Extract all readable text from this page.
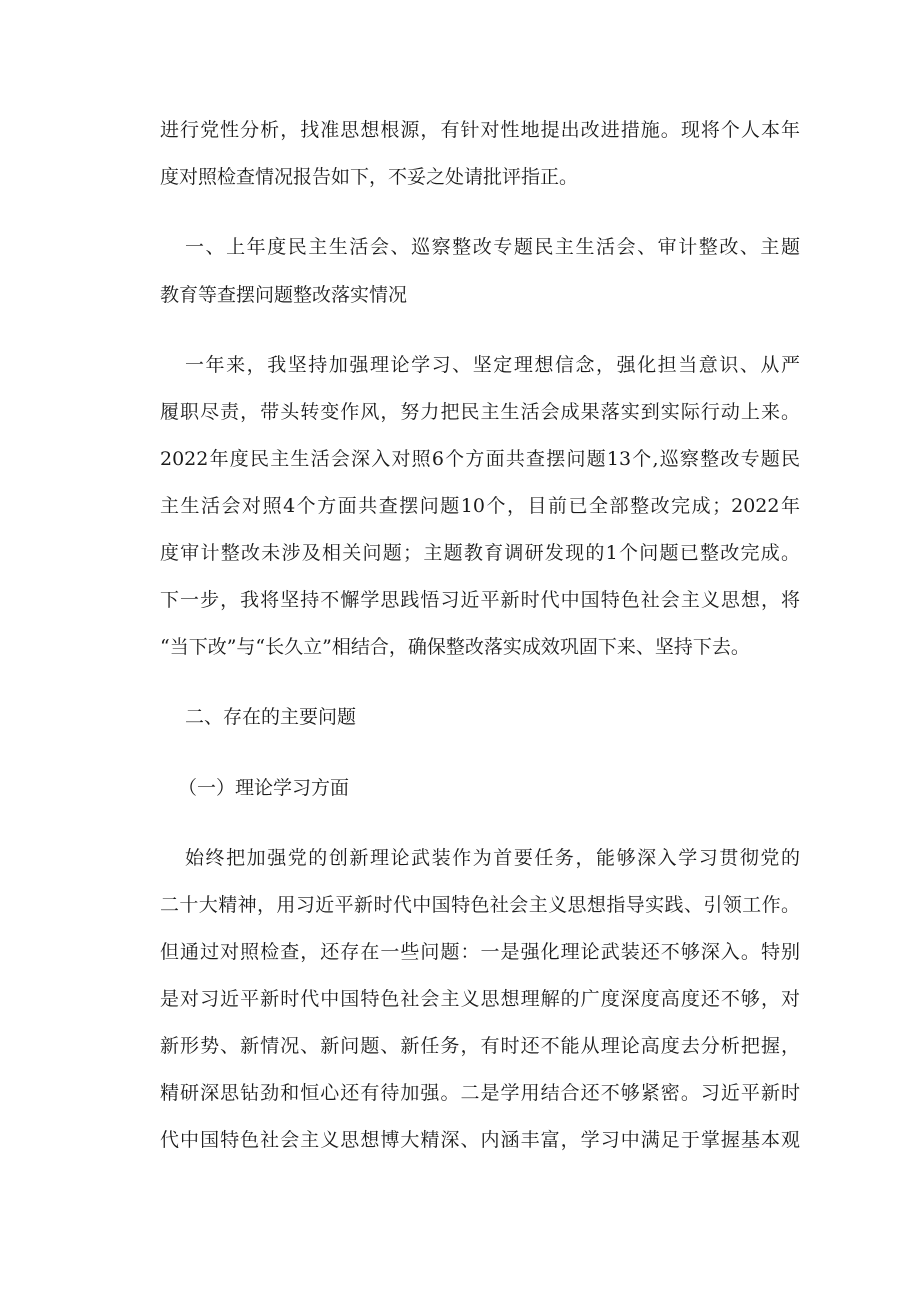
进行党性分析，找准思想根源，有针对性地提出改进措施。现将个人本年
度对照检查情况报告如下，不妥之处请批评指正。
一、上年度民主生活会、巡察整改专题民主生活会、审计整改、主题
教育等查摆问题整改落实情况
一年来，我坚持加强理论学习、坚定理想信念，强化担当意识、从严
履职尽责，带头转变作风，努力把民主生活会成果落实到实际行动上来。
2022年度民主生活会深入对照6个方面共查摆问题13个,巡察整改专题民
主生活会对照4个方面共查摆问题10个，目前已全部整改完成；2022年
度审计整改未涉及相关问题；主题教育调研发现的1个问题已整改完成。
下一步，我将坚持不懈学思践悟习近平新时代中国特色社会主义思想，将
“当下改”与“长久立”相结合，确保整改落实成效巩固下来、坚持下去。
二、存在的主要问题
（一）理论学习方面
始终把加强党的创新理论武装作为首要任务，能够深入学习贯彻党的
二十大精神，用习近平新时代中国特色社会主义思想指导实践、引领工作。
但通过对照检查，还存在一些问题：一是强化理论武装还不够深入。特别
是对习近平新时代中国特色社会主义思想理解的广度深度高度还不够，对
新形势、新情况、新问题、新任务，有时还不能从理论高度去分析把握，
精研深思钻劲和恒心还有待加强。二是学用结合还不够紧密。习近平新时
代中国特色社会主义思想博大精深、内涵丰富，学习中满足于掌握基本观
